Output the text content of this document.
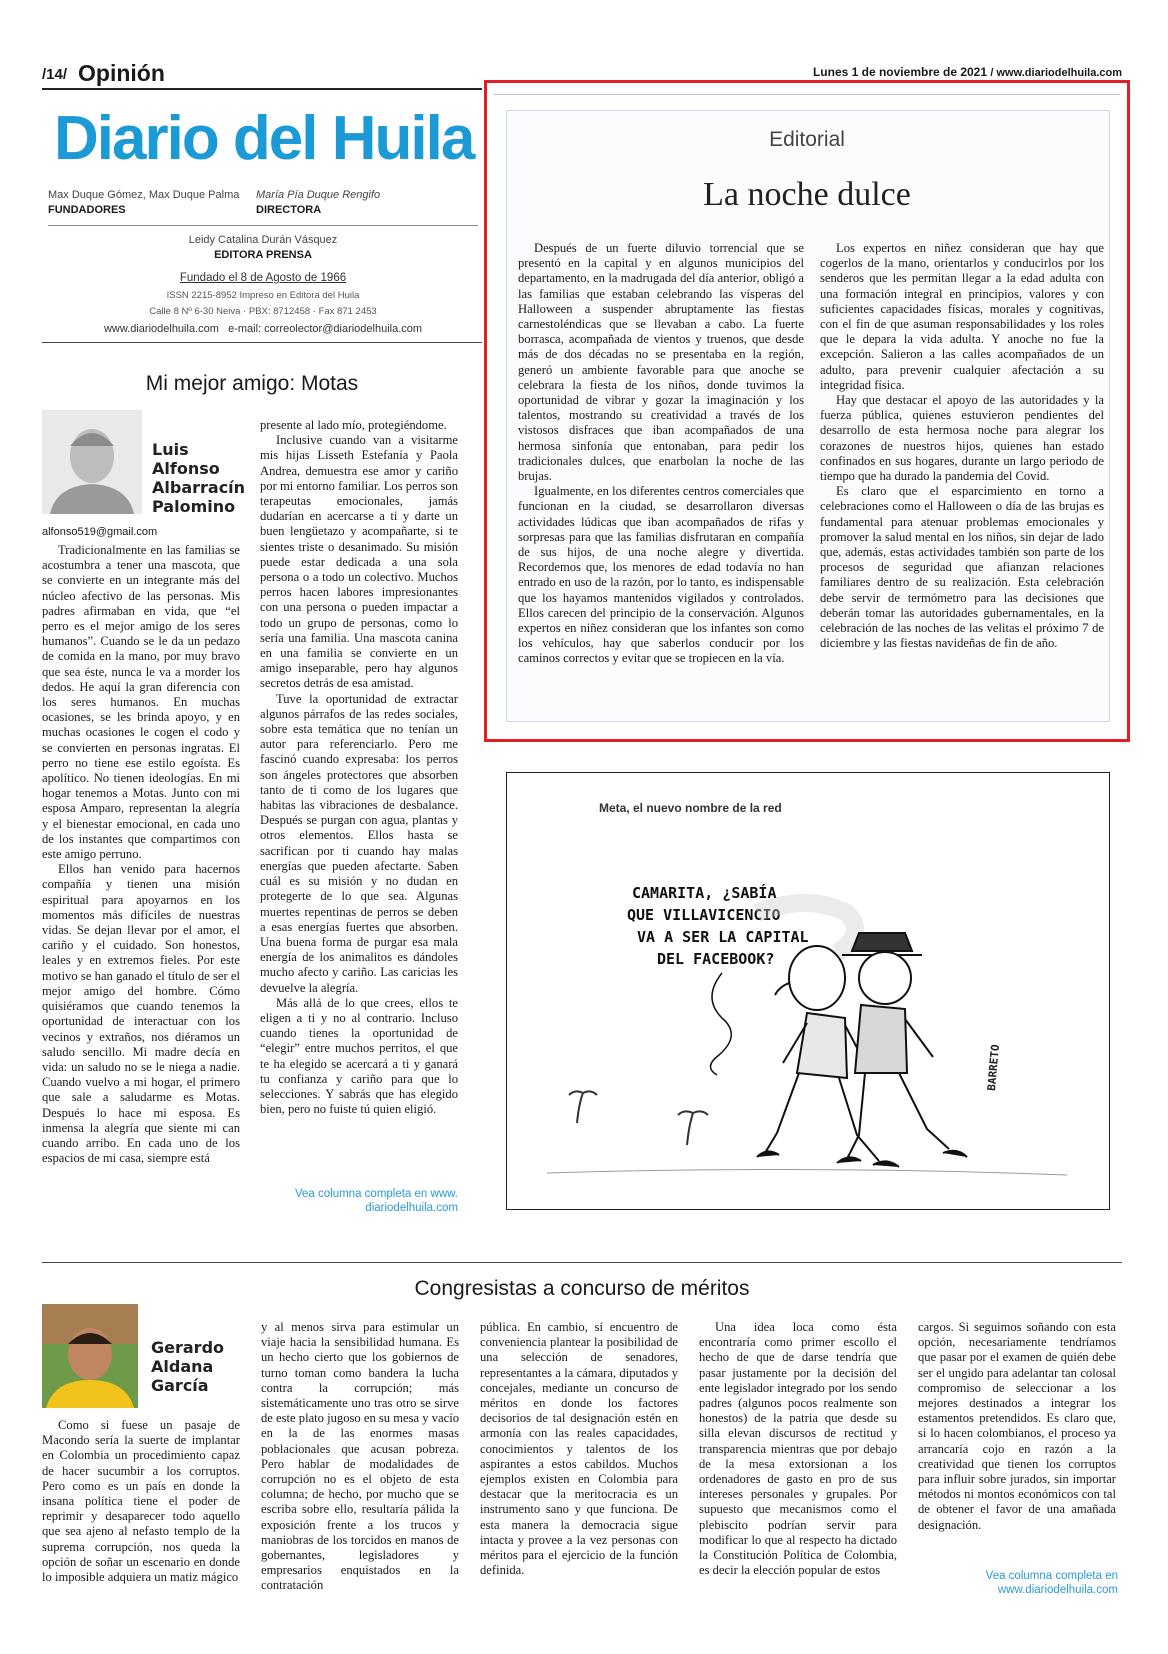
/14/ Opinión	Lunes 1 de noviembre de 2021 / www.diariodelhuila.com
Diario del Huila
Max Duque Gómez, Max Duque Palma
FUNDADORES
María Pía Duque Rengifo
DIRECTORA
Leidy Catalina Durán Vásquez
EDITORA PRENSA
Fundado el 8 de Agosto de 1966
ISSN 2215-8952 Impreso en Editora del Huila
Calle 8 Nº 6-30 Neiva · PBX: 8712458 · Fax 871 2453
www.diariodelhuila.com e-mail: correolector@diariodelhuila.com
Mi mejor amigo: Motas
Luis Alfonso Albarracín Palomino
alfonso519@gmail.com

Tradicionalmente en las familias se acostumbra a tener una mascota, que se convierte en un integrante más del núcleo afectivo de las personas. Mis padres afirmaban en vida, que “el perro es el mejor amigo de los seres humanos”. Cuando se le da un pedazo de comida en la mano, por muy bravo que sea éste, nunca le va a morder los dedos. He aquí la gran diferencia con los seres humanos. En muchas ocasiones, se les brinda apoyo, y en muchas ocasiones le cogen el codo y se convierten en personas ingratas. El perro no tiene ese estilo egoísta. Es apolítico. No tienen ideologías. En mi hogar tenemos a Motas. Junto con mi esposa Amparo, representan la alegría y el bienestar emocional, en cada uno de los instantes que compartimos con este amigo perruno.

Ellos han venido para hacernos compañía y tienen una misión espiritual para apoyarnos en los momentos más difíciles de nuestras vidas. Se dejan llevar por el amor, el cariño y el cuidado. Son honestos, leales y en extremos fieles. Por este motivo se han ganado el título de ser el mejor amigo del hombre. Cómo quisiéramos que cuando tenemos la oportunidad de interactuar con los vecinos y extraños, nos diéramos un saludo sencillo. Mi madre decía en vida: un saludo no se le niega a nadie. Cuando vuelvo a mi hogar, el primero que sale a saludarme es Motas. Después lo hace mi esposa. Es inmensa la alegría que siente mi can cuando arribo. En cada uno de los espacios de mi casa, siempre está

presente al lado mío, protegiéndome.

Inclusive cuando van a visitarme mis hijas Lisseth Estefanía y Paola Andrea, demuestra ese amor y cariño por mi entorno familiar. Los perros son terapeutas emocionales, jamás dudarían en acercarse a ti y darte un buen lengüetazo y acompañarte, si te sientes triste o desanimado. Su misión puede estar dedicada a una sola persona o a todo un colectivo. Muchos perros hacen labores impresionantes con una persona o pueden impactar a todo un grupo de personas, como lo sería una familia. Una mascota canina en una familia se convierte en un amigo inseparable, pero hay algunos secretos detrás de esa amistad.

Tuve la oportunidad de extractar algunos párrafos de las redes sociales, sobre esta temática que no tenían un autor para referenciarlo. Pero me fascinó cuando expresaba: los perros son ángeles protectores que absorben tanto de ti como de los lugares que habitas las vibraciones de desbalance. Después se purgan con agua, plantas y otros elementos. Ellos hasta se sacrifican por ti cuando hay malas energías que pueden afectarte. Saben cuál es su misión y no dudan en protegerte de lo que sea. Algunas muertes repentinas de perros se deben a esas energías fuertes que absorben. Una buena forma de purgar esa mala energía de los animalitos es dándoles mucho afecto y cariño. Las caricias les devuelve la alegría.

Más allá de lo que crees, ellos te eligen a ti y no al contrario. Incluso cuando tienes la oportunidad de “elegir” entre muchos perritos, el que te ha elegido se acercará a ti y ganará tu confianza y cariño para que lo selecciones. Y sabrás que has elegido bien, pero no fuiste tú quien eligió.

Vea columna completa en www. diariodelhuila.com
Editorial
La noche dulce

Después de un fuerte diluvio torrencial que se presentó en la capital y en algunos municipios del departamento, en la madrugada del día anterior, obligó a las familias que estaban celebrando las vísperas del Halloween a suspender abruptamente las fiestas carnestoléndicas que se llevaban a cabo. La fuerte borrasca, acompañada de vientos y truenos, que desde más de dos décadas no se presentaba en la región, generó un ambiente favorable para que anoche se celebrara la fiesta de los niños, donde tuvimos la oportunidad de vibrar y gozar la imaginación y los talentos, mostrando su creatividad a través de los vistosos disfraces que iban acompañados de una hermosa sinfonía que entonaban, para pedir los tradicionales dulces, que enarbolan la noche de las brujas.

Igualmente, en los diferentes centros comerciales que funcionan en la ciudad, se desarrollaron diversas actividades lúdicas que iban acompañados de rifas y sorpresas para que las familias disfrutaran en compañía de sus hijos, de una noche alegre y divertida. Recordemos que, los menores de edad todavía no han entrado en uso de la razón, por lo tanto, es indispensable que los hayamos mantenidos vigilados y controlados. Ellos carecen del principio de la conservación. Algunos expertos en niñez consideran que los infantes son como los vehículos, hay que saberlos conducir por los caminos correctos y evitar que se tropiecen en la vía.

Los expertos en niñez consideran que hay que cogerlos de la mano, orientarlos y conducirlos por los senderos que les permitan llegar a la edad adulta con una formación integral en principios, valores y con suficientes capacidades físicas, morales y cognitivas, con el fin de que asuman responsabilidades y los roles que le depara la vida adulta. Y anoche no fue la excepción. Salieron a las calles acompañados de un adulto, para prevenir cualquier afectación a su integridad física.

Hay que destacar el apoyo de las autoridades y la fuerza pública, quienes estuvieron pendientes del desarrollo de esta hermosa noche para alegrar los corazones de nuestros hijos, quienes han estado confinados en sus hogares, durante un largo periodo de tiempo que ha durado la pandemia del Covid.

Es claro que el esparcimiento en torno a celebraciones como el Halloween o día de las brujas es fundamental para atenuar problemas emocionales y promover la salud mental en los niños, sin dejar de lado que, además, estas actividades también son parte de los procesos de seguridad que afianzan relaciones familiares dentro de su realización. Esta celebración debe servir de termómetro para las decisiones que deberán tomar las autoridades gubernamentales, en la celebración de las noches de las velitas el próximo 7 de diciembre y las fiestas navideñas de fin de año.

Meta, el nuevo nombre de la red
CAMARITA, ¿SABÍA
QUE VILLAVICENCIO
VA A SER LA CAPITAL
DEL FACEBOOK?
BARRETO
Congresistas a concurso de méritos
Gerardo Aldana García

Como si fuese un pasaje de Macondo sería la suerte de implantar en Colombia un procedimiento capaz de hacer sucumbir a los corruptos. Pero como es un país en donde la insana política tiene el poder de reprimir y desaparecer todo aquello que sea ajeno al nefasto templo de la suprema corrupción, nos queda la opción de soñar un escenario en donde lo imposible adquiera un matiz mágico

y al menos sirva para estimular un viaje hacia la sensibilidad humana. Es un hecho cierto que los gobiernos de turno toman como bandera la lucha contra la corrupción; más sistemáticamente uno tras otro se sirve de este plato jugoso en su mesa y vacío en la de las enormes masas poblacionales que acusan pobreza. Pero hablar de modalidades de corrupción no es el objeto de esta columna; de hecho, por mucho que se escriba sobre ello, resultaría pálida la exposición frente a los trucos y maniobras de los torcidos en manos de gobernantes, legisladores y empresarios enquistados en la contratación

pública. En cambio, sí encuentro de conveniencia plantear la posibilidad de una selección de senadores, representantes a la cámara, diputados y concejales, mediante un concurso de méritos en donde los factores decisorios de tal designación estén en armonía con las reales capacidades, conocimientos y talentos de los aspirantes a estos cabildos. Muchos ejemplos existen en Colombia para destacar que la meritocracia es un instrumento sano y que funciona. De esta manera la democracia sigue intacta y provee a la vez personas con méritos para el ejercicio de la función definida.

Una idea loca como ésta encontraría como primer escollo el hecho de que de darse tendría que pasar justamente por la decisión del ente legislador integrado por los sendo padres (algunos pocos realmente son honestos) de la patria que desde su silla elevan discursos de rectitud y transparencia mientras que por debajo de la mesa extorsionan a los ordenadores de gasto en pro de sus intereses personales y grupales. Por supuesto que mecanismos como el plebiscito podrían servir para modificar lo que al respecto ha dictado la Constitución Política de Colombia, es decir la elección popular de estos

cargos. Si seguimos soñando con esta opción, necesariamente tendríamos que pasar por el examen de quién debe ser el ungido para adelantar tan colosal compromiso de seleccionar a los mejores destinados a integrar los estamentos pretendidos. Es claro que, si lo hacen colombianos, el proceso ya arrancaría cojo en razón a la creatividad que tienen los corruptos para influir sobre jurados, sin importar métodos ni montos económicos con tal de obtener el favor de una amañada designación.

Vea columna completa en
www.diariodelhuila.com
